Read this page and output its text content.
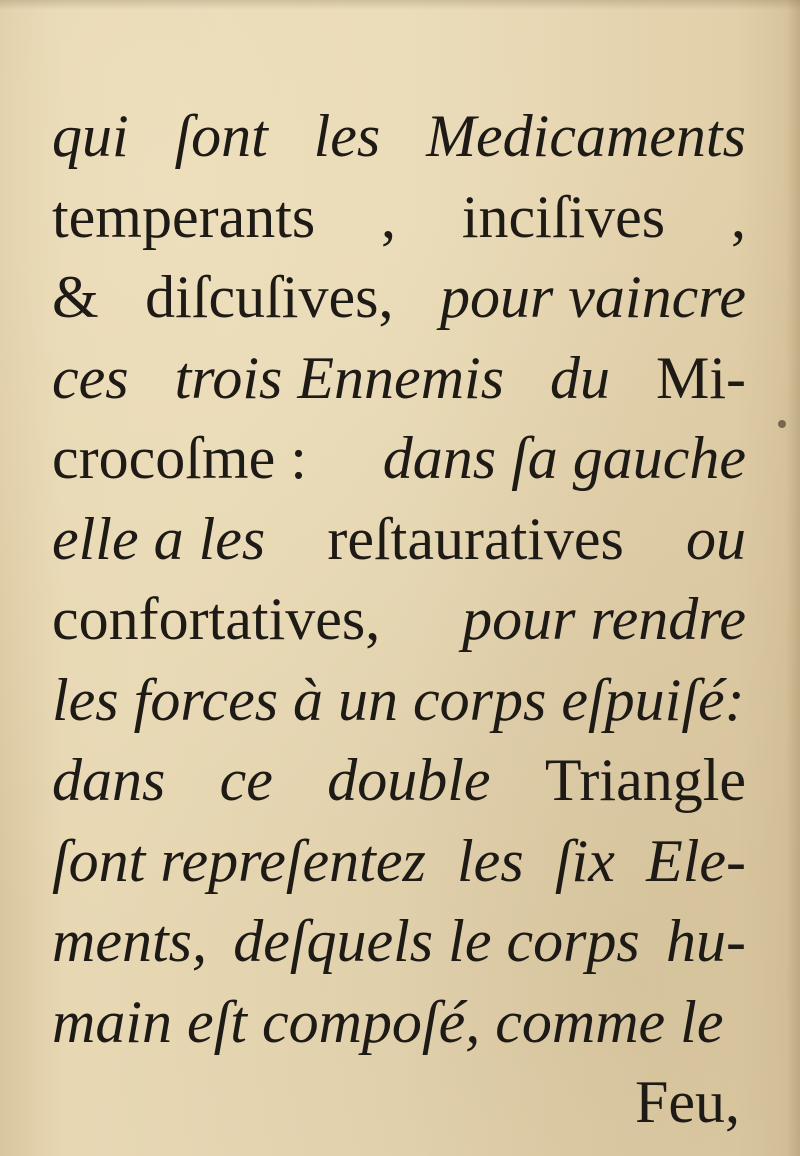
qui ſont les Medicaments
temperants , inciſives ,
& diſcuſives, pour vaincre
ces trois Ennemis du Mi-
crocoſme : dans ſa gauche
elle a les reſtauratives ou
confortatives, pour rendre
les forces à un corps eſpuiſé:
dans ce double Triangle
ſont repreſentez les ſix Ele-
ments, deſquels le corps hu-
main eſt compoſé, comme le
Feu,
